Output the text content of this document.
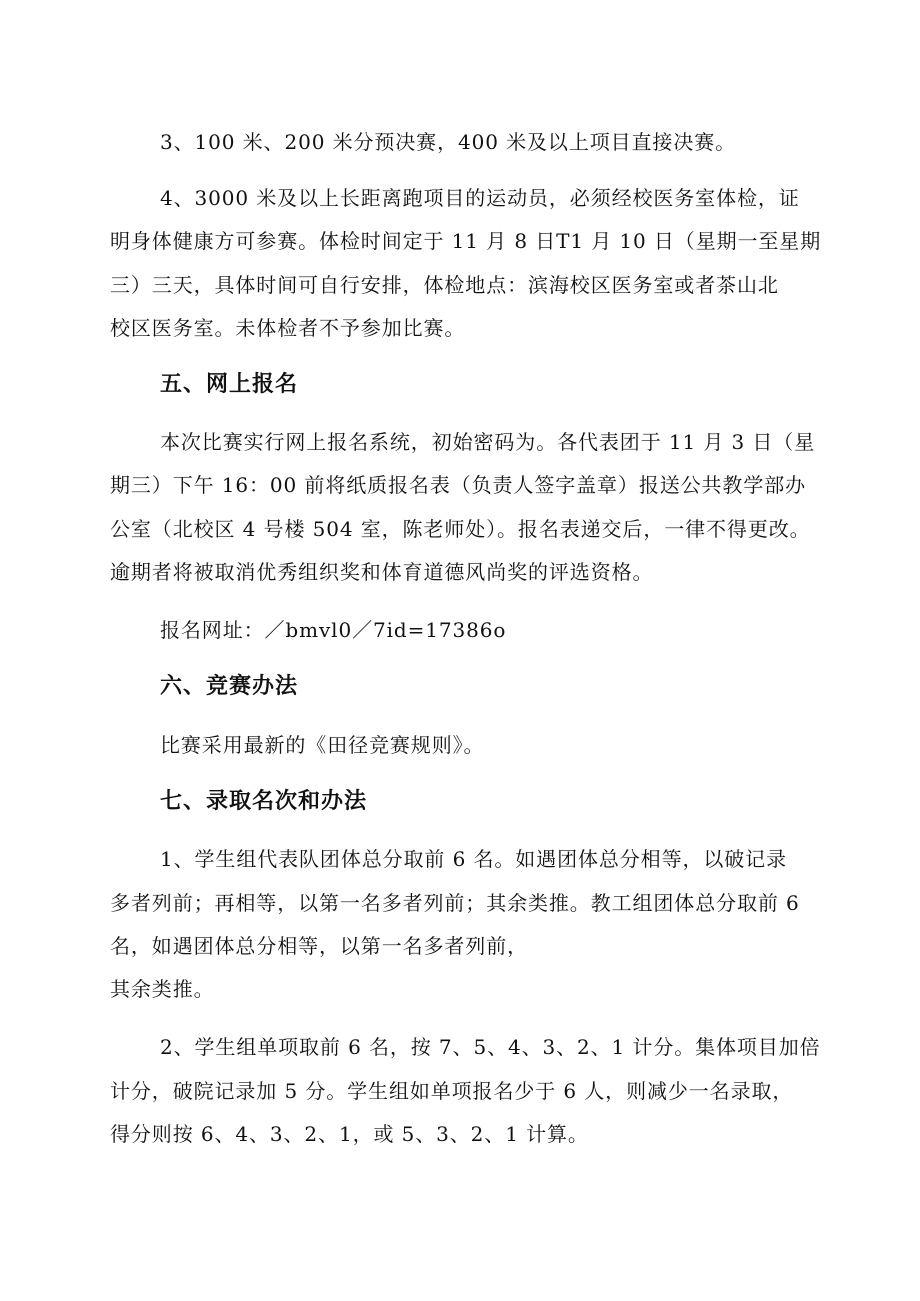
3、100 米、200 米分预决赛，400 米及以上项目直接决赛。
4、3000 米及以上长距离跑项目的运动员，必须经校医务室体检，证
明身体健康方可参赛。体检时间定于 11 月 8 日T1 月 10 日（星期一至星期
三）三天，具体时间可自行安排，体检地点：滨海校区医务室或者茶山北
校区医务室。未体检者不予参加比赛。
五、网上报名
本次比赛实行网上报名系统，初始密码为。各代表团于 11 月 3 日（星
期三）下午 16：00 前将纸质报名表（负责人签字盖章）报送公共教学部办
公室（北校区 4 号楼 504 室，陈老师处）。报名表递交后，一律不得更改。
逾期者将被取消优秀组织奖和体育道德风尚奖的评选资格。
报名网址：／bmvl0／7id=17386o
六、竞赛办法
比赛采用最新的《田径竞赛规则》。
七、录取名次和办法
1、学生组代表队团体总分取前 6 名。如遇团体总分相等，以破记录
多者列前；再相等，以第一名多者列前；其余类推。教工组团体总分取前 6
名，如遇团体总分相等，以第一名多者列前，
其余类推。
2、学生组单项取前 6 名，按 7、5、4、3、2、1 计分。集体项目加倍
计分，破院记录加 5 分。学生组如单项报名少于 6 人，则减少一名录取，
得分则按 6、4、3、2、1，或 5、3、2、1 计算。
